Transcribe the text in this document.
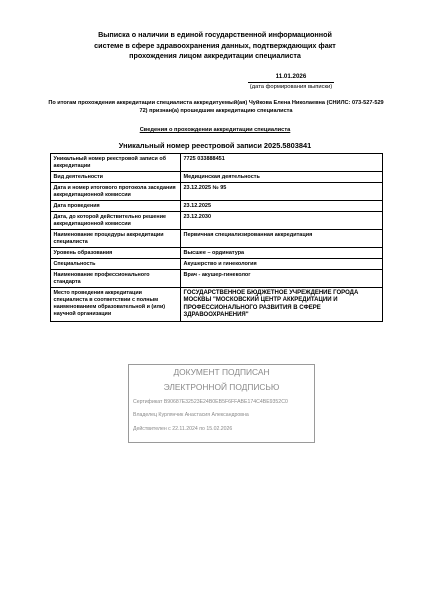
Выписка о наличии в единой государственной информационной
системе в сфере здравоохранения данных, подтверждающих факт
прохождения лицом аккредитации специалиста
11.01.2026
(дата формирования выписки)
По итогам прохождения аккредитации специалиста аккредитуемый(ая) Чуйкова Елена Николаевна (СНИЛС: 073-527-529
72) признан(а) прошедшим аккредитацию специалиста
Сведения о прохождении аккредитации специалиста
Уникальный номер реестровой записи 2025.5803841
Уникальный номер реестровой записи об аккредитации	7725 033888451
Вид деятельности	Медицинская деятельность
Дата и номер итогового протокола заседания аккредитационной комиссии	23.12.2025 № 95
Дата проведения	23.12.2025
Дата, до которой действительно решение аккредитационной комиссии	23.12.2030
Наименование процедуры аккредитации специалиста	Первичная специализированная аккредитация
Уровень образования	Высшее – ординатура
Специальность	Акушерство и гинекология
Наименование профессионального стандарта	Врач - акушер-гинеколог
Место проведения аккредитации специалиста в соответствии с полным наименованием образовательной и (или) научной организации	ГОСУДАРСТВЕННОЕ БЮДЖЕТНОЕ УЧРЕЖДЕНИЕ ГОРОДА МОСКВЫ "МОСКОВСКИЙ ЦЕНТР АККРЕДИТАЦИИ И ПРОФЕССИОНАЛЬНОГО РАЗВИТИЯ В СФЕРЕ ЗДРАВООХРАНЕНИЯ"
ДОКУМЕНТ ПОДПИСАН
ЭЛЕКТРОННОЙ ПОДПИСЬЮ
Сертификат B90687E32523E24B0EB5F6FFABE174C4BE9352C0
Владелец Курлянчик Анастасия Александровна
Действителен с 22.11.2024 по 15.02.2026
